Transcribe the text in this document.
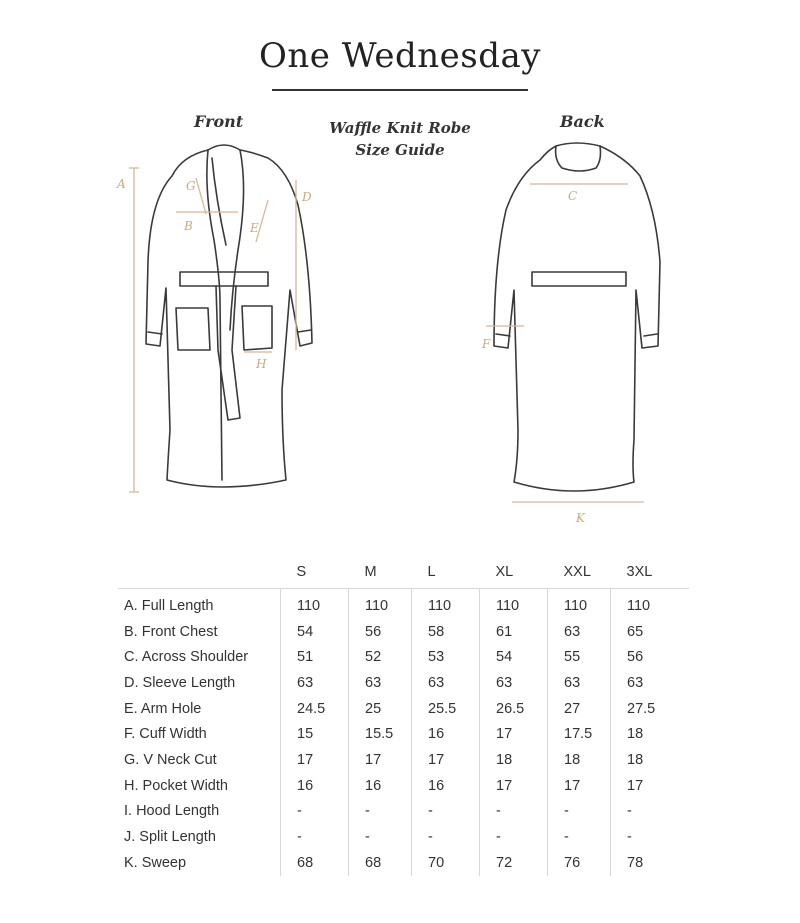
One Wednesday
Front	Back
Waffle Knit Robe
Size Guide
A
B
C
D
E
F
G
H
K
	S	M	L	XL	XXL	3XL
A. Full Length	110	110	110	110	110	110
B. Front Chest	54	56	58	61	63	65
C. Across Shoulder	51	52	53	54	55	56
D. Sleeve Length	63	63	63	63	63	63
E. Arm Hole	24.5	25	25.5	26.5	27	27.5
F. Cuff Width	15	15.5	16	17	17.5	18
G. V Neck Cut	17	17	17	18	18	18
H. Pocket Width	16	16	16	17	17	17
I. Hood Length	-	-	-	-	-	-
J. Split Length	-	-	-	-	-	-
K. Sweep	68	68	70	72	76	78
